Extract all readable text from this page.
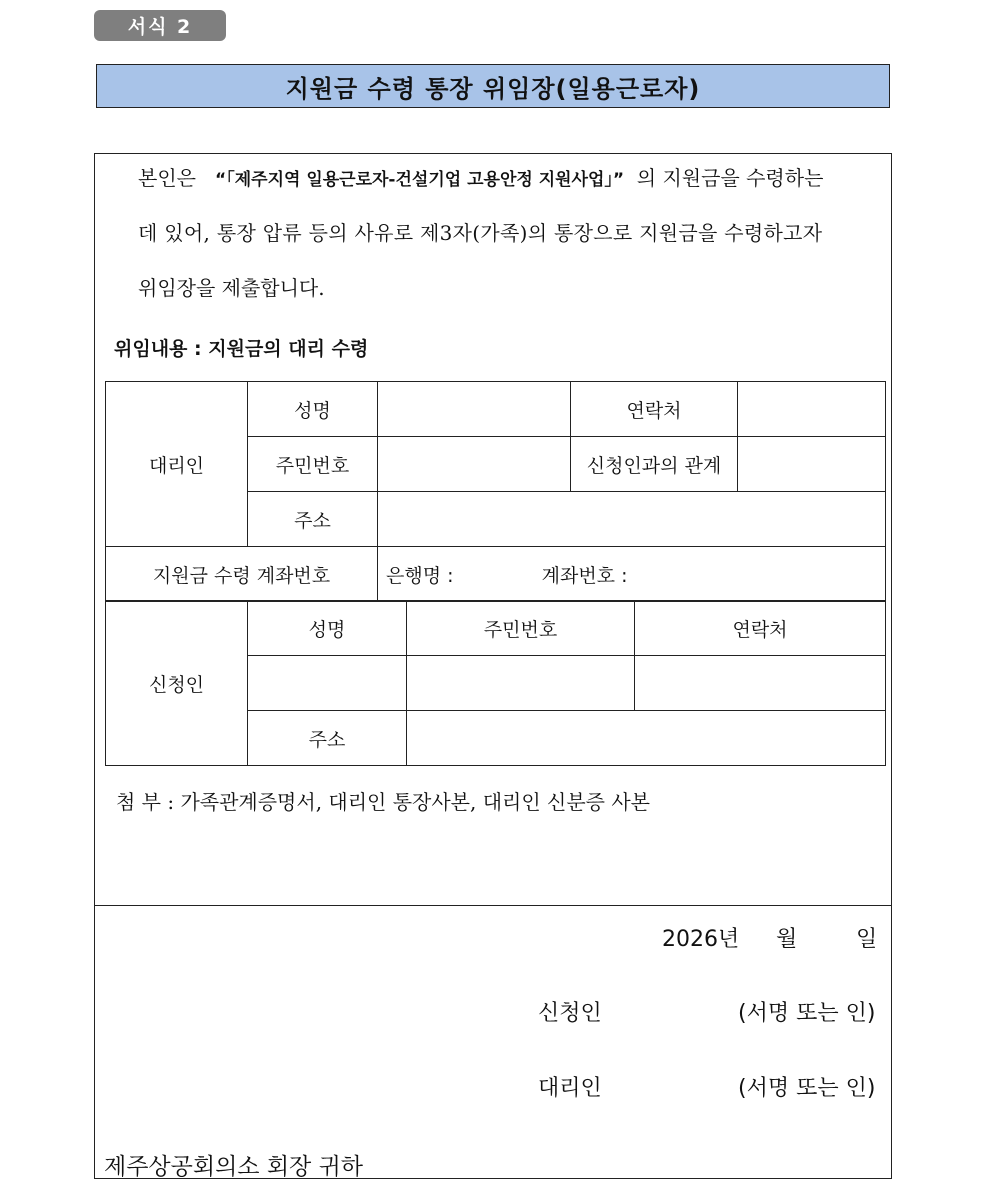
서식 2
지원금 수령 통장 위임장(일용근로자)
본인은 “「제주지역 일용근로자-건설기업 고용안정 지원사업」” 의 지원금을 수령하는
데 있어, 통장 압류 등의 사유로 제3자(가족)의 통장으로 지원금을 수령하고자
위임장을 제출합니다.
위임내용 : 지원금의 대리 수령
대리인	성명		연락처	
	주민번호		신청인과의 관계	
	주소			
지원금 수령 계좌번호		은행명 : 계좌번호 :		
신청인	성명	주민번호	연락처

	주소		
첨 부 : 가족관계증명서, 대리인 통장사본, 대리인 신분증 사본
2026년 월	일
신청인	(서명 또는 인)
대리인	(서명 또는 인)
제주상공회의소 회장 귀하
